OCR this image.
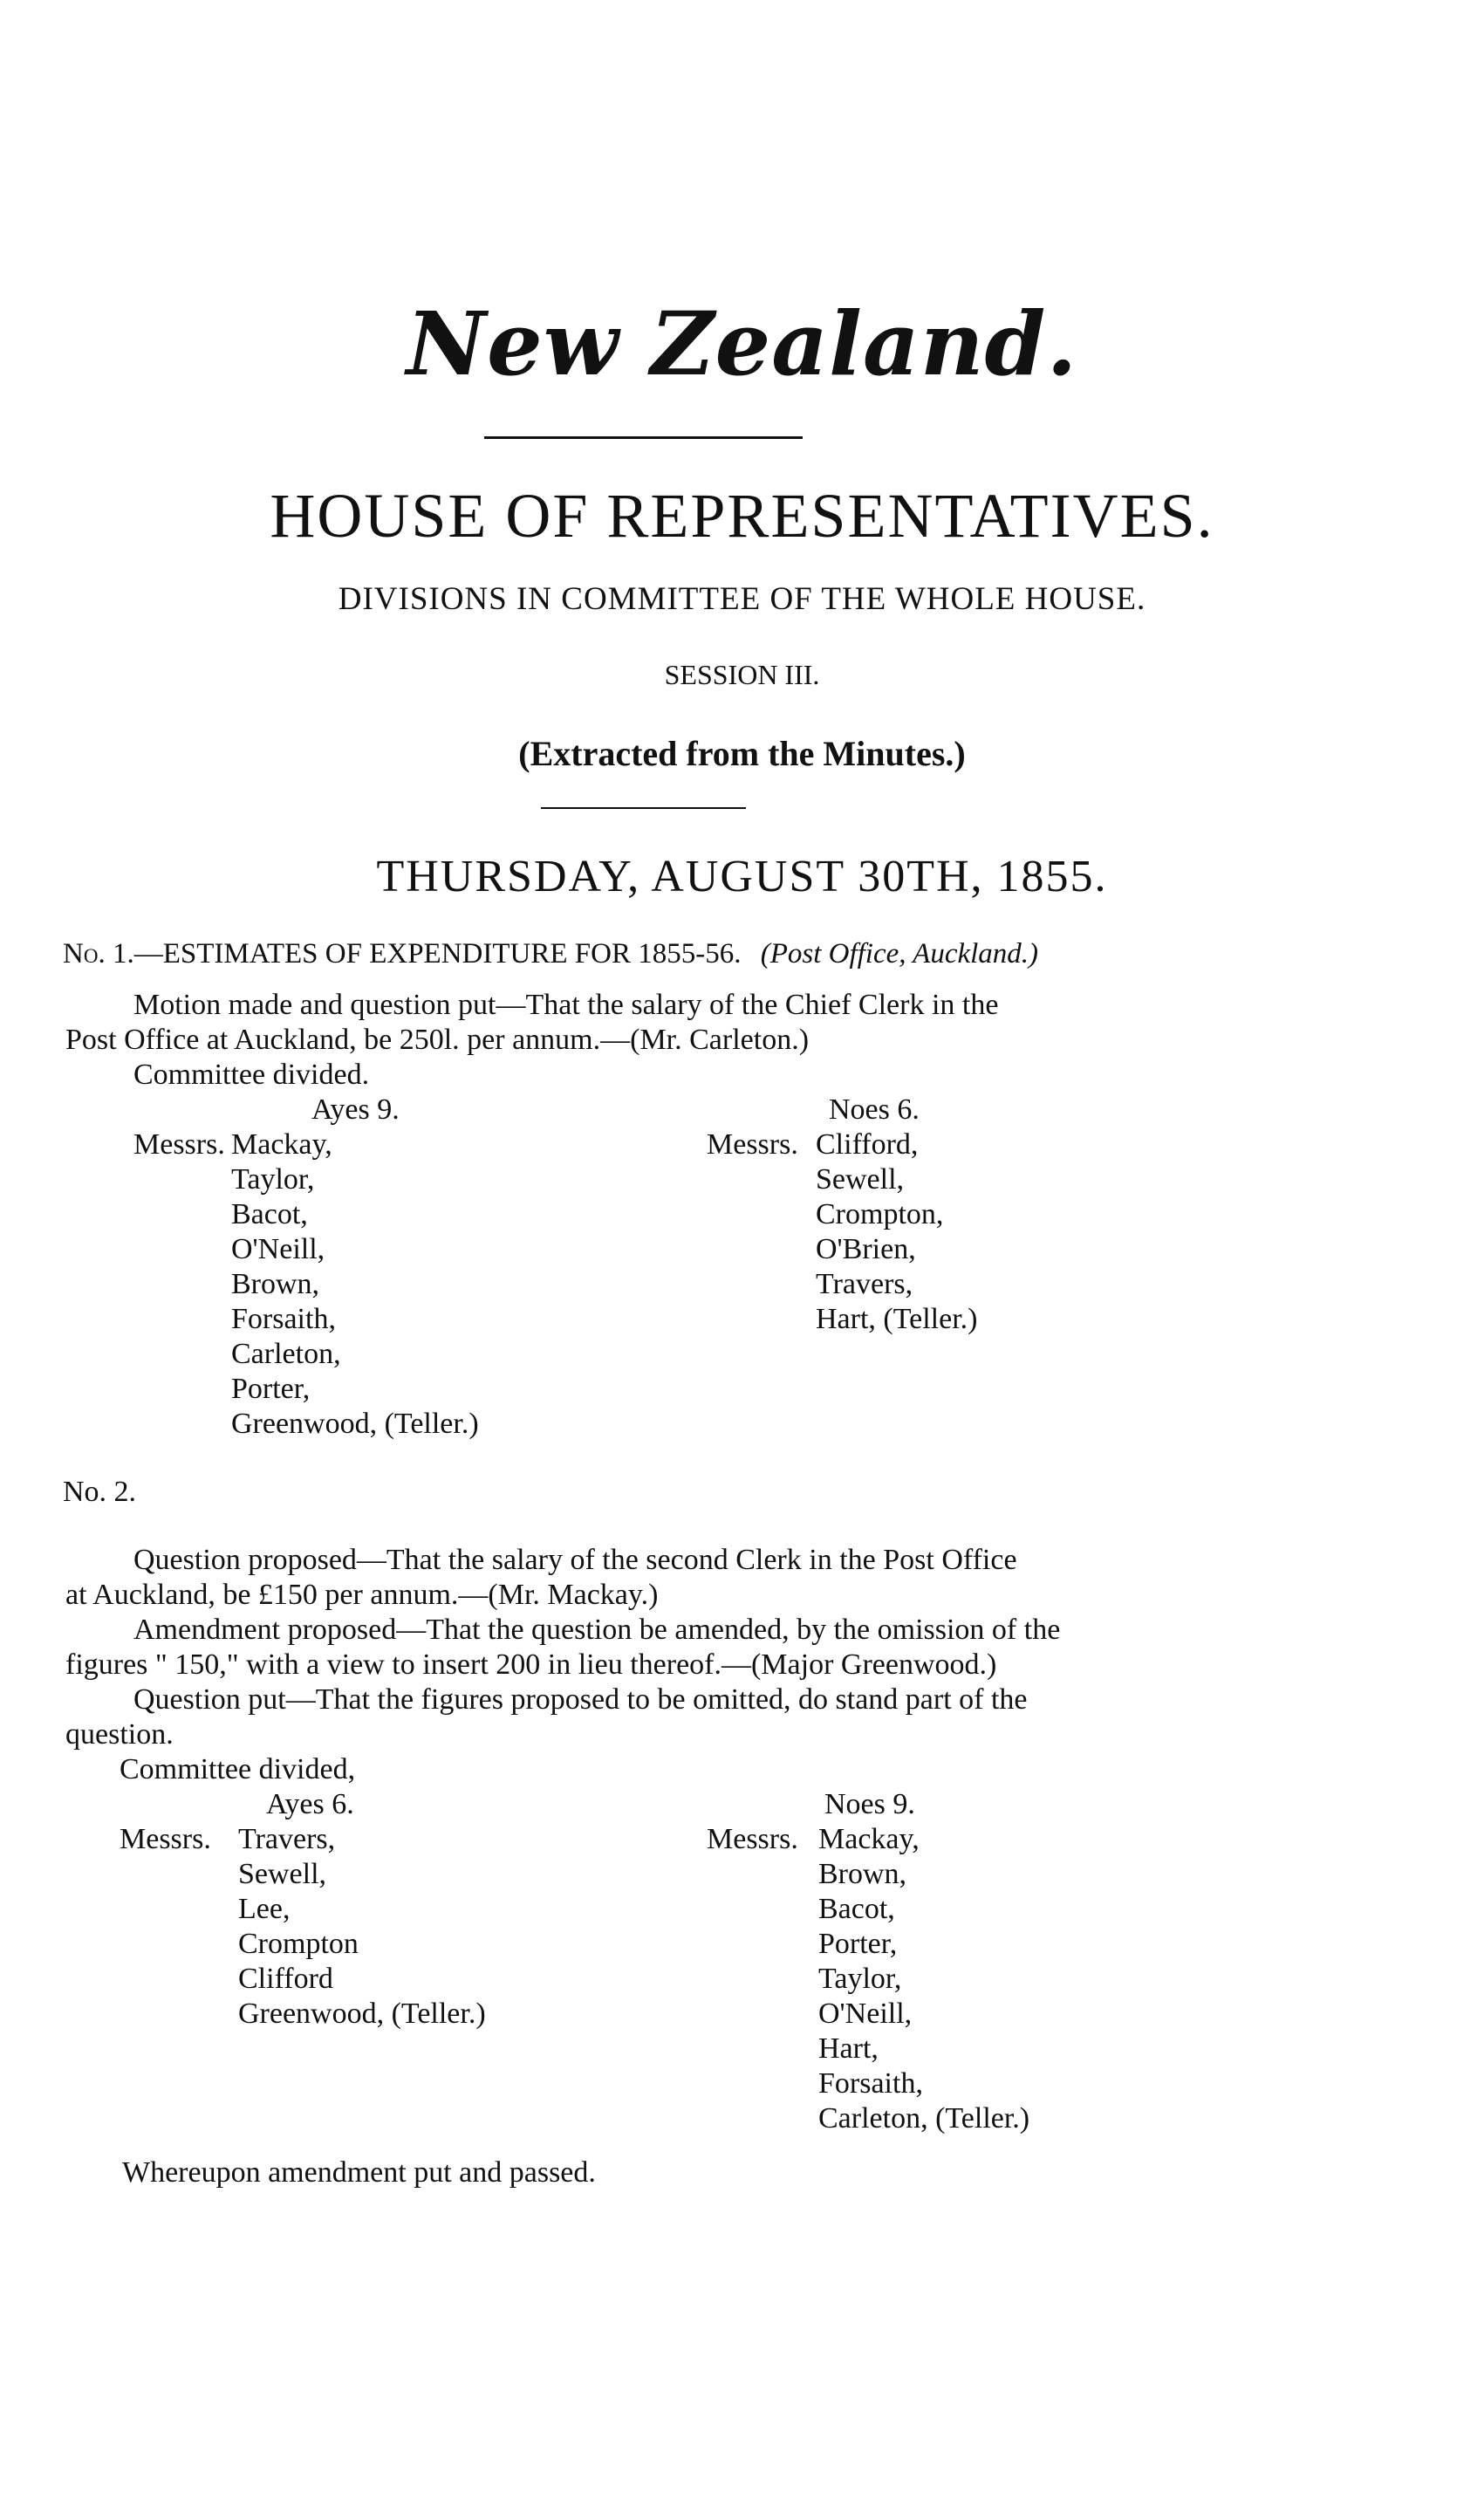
New Zealand.
HOUSE OF REPRESENTATIVES.
DIVISIONS IN COMMITTEE OF THE WHOLE HOUSE.
SESSION III.
(Extracted from the Minutes.)
THURSDAY, AUGUST 30TH, 1855.
No. 1.—ESTIMATES OF EXPENDITURE FOR 1855-56. (Post Office, Auckland.)
Motion made and question put—That the salary of the Chief Clerk in the
Post Office at Auckland, be 250l. per annum.—(Mr. Carleton.)
Committee divided.
Ayes 9.	Noes 6.
Messrs. Mackay,
Taylor,
Bacot,
O'Neill,
Brown,
Forsaith,
Carleton,
Porter,
Greenwood, (Teller.)
Messrs. Clifford,
Sewell,
Crompton,
O'Brien,
Travers,
Hart, (Teller.)
No. 2.
Question proposed—That the salary of the second Clerk in the Post Office
at Auckland, be £150 per annum.—(Mr. Mackay.)
Amendment proposed—That the question be amended, by the omission of the
figures " 150," with a view to insert 200 in lieu thereof.—(Major Greenwood.)
Question put—That the figures proposed to be omitted, do stand part of the
question.
Committee divided,
Ayes 6.	Noes 9.
Messrs. Travers,
Sewell,
Lee,
Crompton
Clifford
Greenwood, (Teller.)
Messrs. Mackay,
Brown,
Bacot,
Porter,
Taylor,
O'Neill,
Hart,
Forsaith,
Carleton, (Teller.)
Whereupon amendment put and passed.
